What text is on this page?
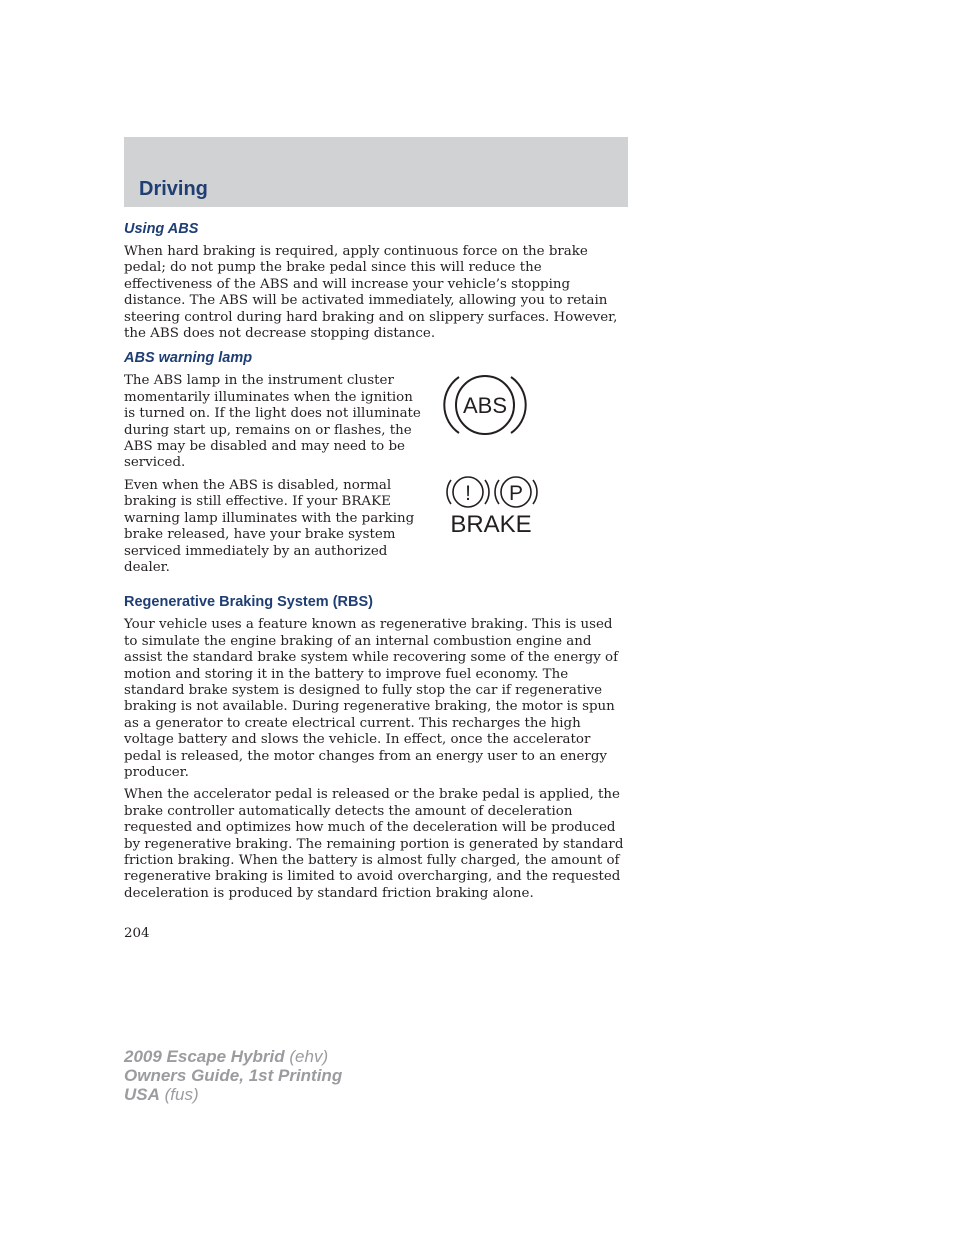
Driving
Using ABS

When hard braking is required, apply continuous force on the brake pedal; do not pump the brake pedal since this will reduce the effectiveness of the ABS and will increase your vehicle’s stopping distance. The ABS will be activated immediately, allowing you to retain steering control during hard braking and on slippery surfaces. However, the ABS does not decrease stopping distance.

ABS warning lamp
ABS

The ABS lamp in the instrument cluster momentarily illuminates when the ignition is turned on. If the light does not illuminate during start up, remains on or flashes, the ABS may be disabled and may need to be serviced.

! P
BRAKE

Even when the ABS is disabled, normal braking is still effective. If your BRAKE warning lamp illuminates with the parking brake released, have your brake system serviced immediately by an authorized dealer.

Regenerative Braking System (RBS)

Your vehicle uses a feature known as regenerative braking. This is used to simulate the engine braking of an internal combustion engine and assist the standard brake system while recovering some of the energy of motion and storing it in the battery to improve fuel economy. The standard brake system is designed to fully stop the car if regenerative braking is not available. During regenerative braking, the motor is spun as a generator to create electrical current. This recharges the high voltage battery and slows the vehicle. In effect, once the accelerator pedal is released, the motor changes from an energy user to an energy producer.

When the accelerator pedal is released or the brake pedal is applied, the brake controller automatically detects the amount of deceleration requested and optimizes how much of the deceleration will be produced by regenerative braking. The remaining portion is generated by standard friction braking. When the battery is almost fully charged, the amount of regenerative braking is limited to avoid overcharging, and the requested deceleration is produced by standard friction braking alone.

204
2009 Escape Hybrid (ehv)
Owners Guide, 1st Printing
USA (fus)
